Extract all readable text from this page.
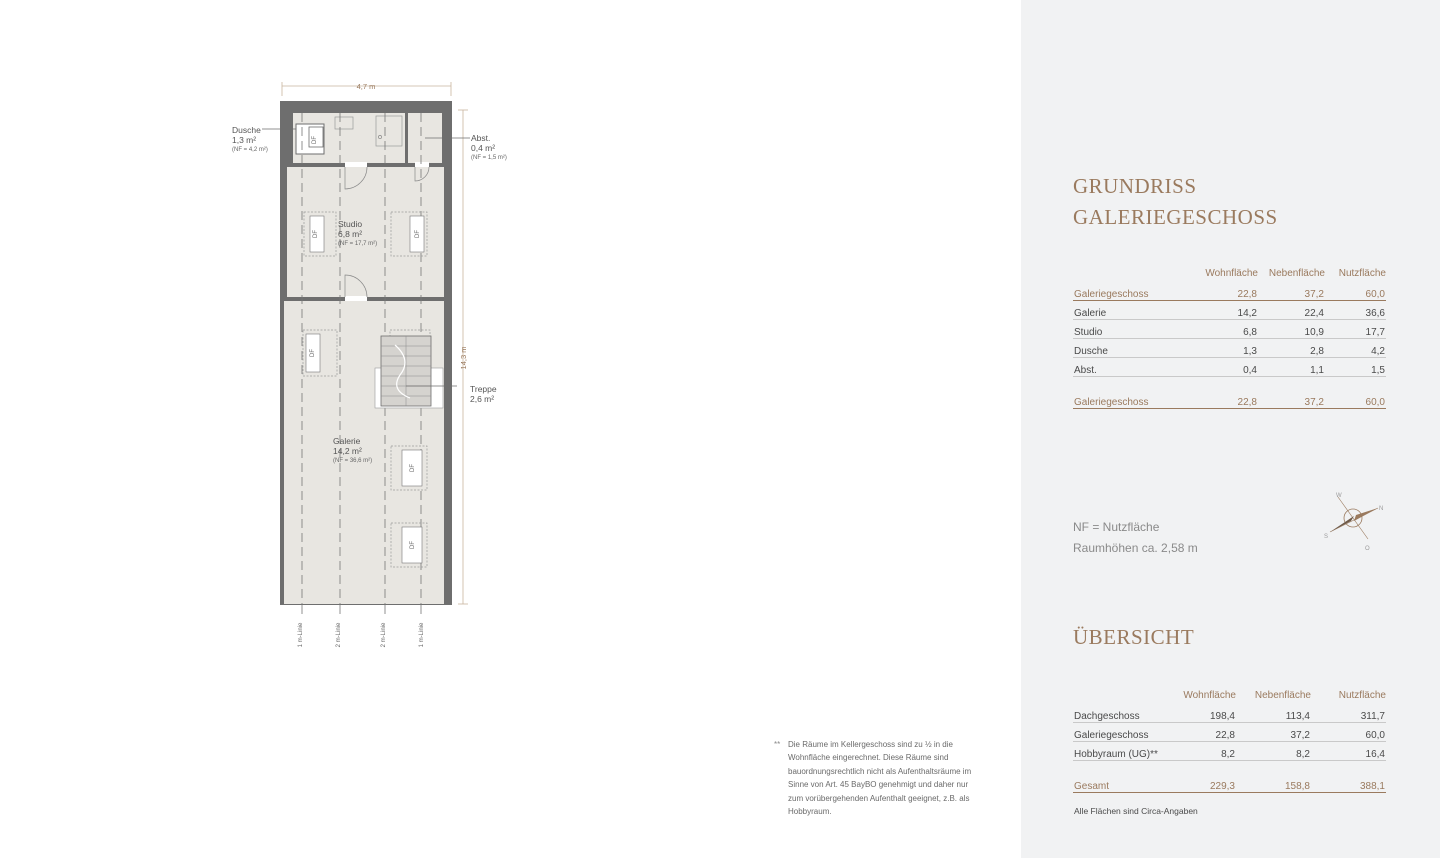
4,7 m
14,3 m
DF
DF	DF
DF
DF
DF
Dusche
1,3 m²
(NF = 4,2 m²)
Abst.
0,4 m²
(NF = 1,5 m²)
Studio
6,8 m²
(NF = 17,7 m²)
Treppe
2,6 m²
Galerie
14,2 m²
(NF = 36,6 m²)
1 m-Linie	2 m-Linie	2 m-Linie	1 m-Linie
** Die Räume im Kellergeschoss sind zu ½ in die Wohnfläche eingerechnet. Diese Räume sind bauordnungsrechtlich nicht als Aufenthaltsräume im Sinne von Art. 45 BayBO genehmigt und daher nur zum vorübergehenden Aufenthalt geeignet, z.B. als Hobbyraum.
GRUNDRISS
GALERIEGESCHOSS
	Wohnfläche	Nebenfläche	Nutzfläche
Galeriegeschoss	22,8	37,2	60,0
Galerie	14,2	22,4	36,6
Studio	6,8	10,9	17,7
Dusche	1,3	2,8	4,2
Abst.	0,4	1,1	1,5

Galeriegeschoss	22,8	37,2	60,0
NF = Nutzfläche
Raumhöhen ca. 2,58 m
W
N
S
O
ÜBERSICHT
	Wohnfläche	Nebenfläche	Nutzfläche
Dachgeschoss	198,4	113,4	311,7
Galeriegeschoss	22,8	37,2	60,0
Hobbyraum (UG)**	8,2	8,2	16,4

Gesamt	229,3	158,8	388,1
Alle Flächen sind Circa-Angaben
